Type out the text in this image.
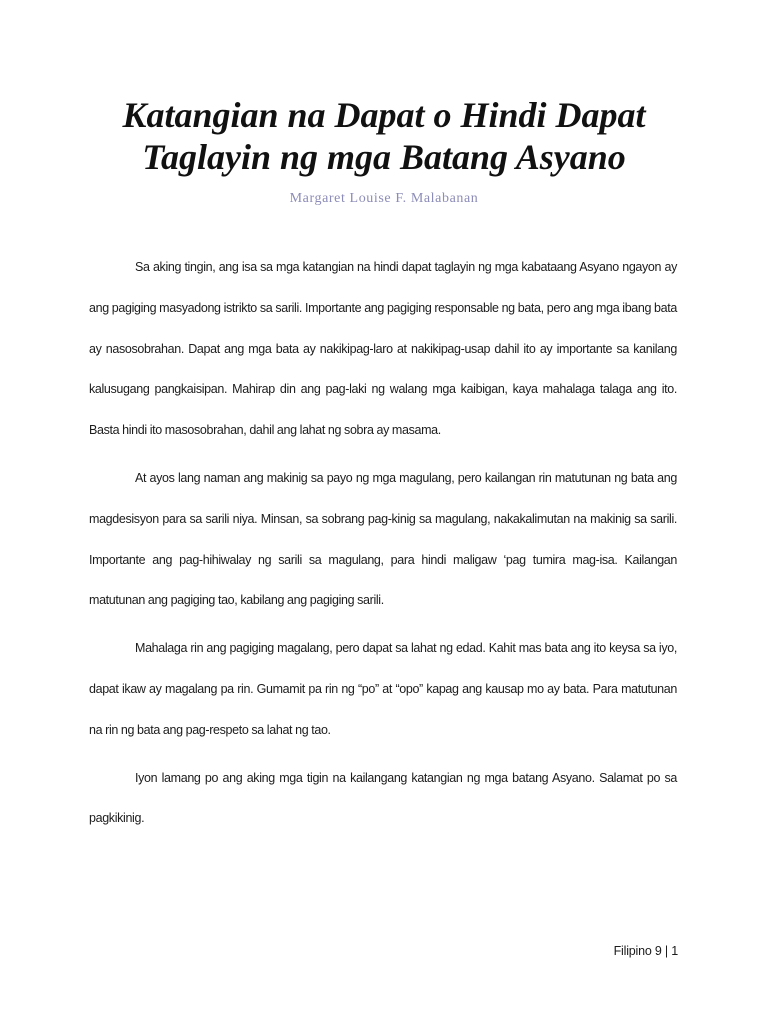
Katangian na Dapat o Hindi Dapat Taglayin ng mga Batang Asyano
Margaret Louise F. Malabanan

Sa aking tingin, ang isa sa mga katangian na hindi dapat taglayin ng mga kabataang Asyano ngayon ay ang pagiging masyadong istrikto sa sarili. Importante ang pagiging responsable ng bata, pero ang mga ibang bata ay nasosobrahan. Dapat ang mga bata ay nakikipag-laro at nakikipag-usap dahil ito ay importante sa kanilang kalusugang pangkaisipan. Mahirap din ang pag-laki ng walang mga kaibigan, kaya mahalaga talaga ang ito. Basta hindi ito masosobrahan, dahil ang lahat ng sobra ay masama.

At ayos lang naman ang makinig sa payo ng mga magulang, pero kailangan rin matutunan ng bata ang magdesisyon para sa sarili niya. Minsan, sa sobrang pag-kinig sa magulang, nakakalimutan na makinig sa sarili. Importante ang pag-hihiwalay ng sarili sa magulang, para hindi maligaw ‘pag tumira mag-isa. Kailangan matutunan ang pagiging tao, kabilang ang pagiging sarili.

Mahalaga rin ang pagiging magalang, pero dapat sa lahat ng edad. Kahit mas bata ang ito keysa sa iyo, dapat ikaw ay magalang pa rin. Gumamit pa rin ng “po” at “opo” kapag ang kausap mo ay bata. Para matutunan na rin ng bata ang pag-respeto sa lahat ng tao.

Iyon lamang po ang aking mga tigin na kailangang katangian ng mga batang Asyano. Salamat po sa pagkikinig.

Filipino 9 | 1
